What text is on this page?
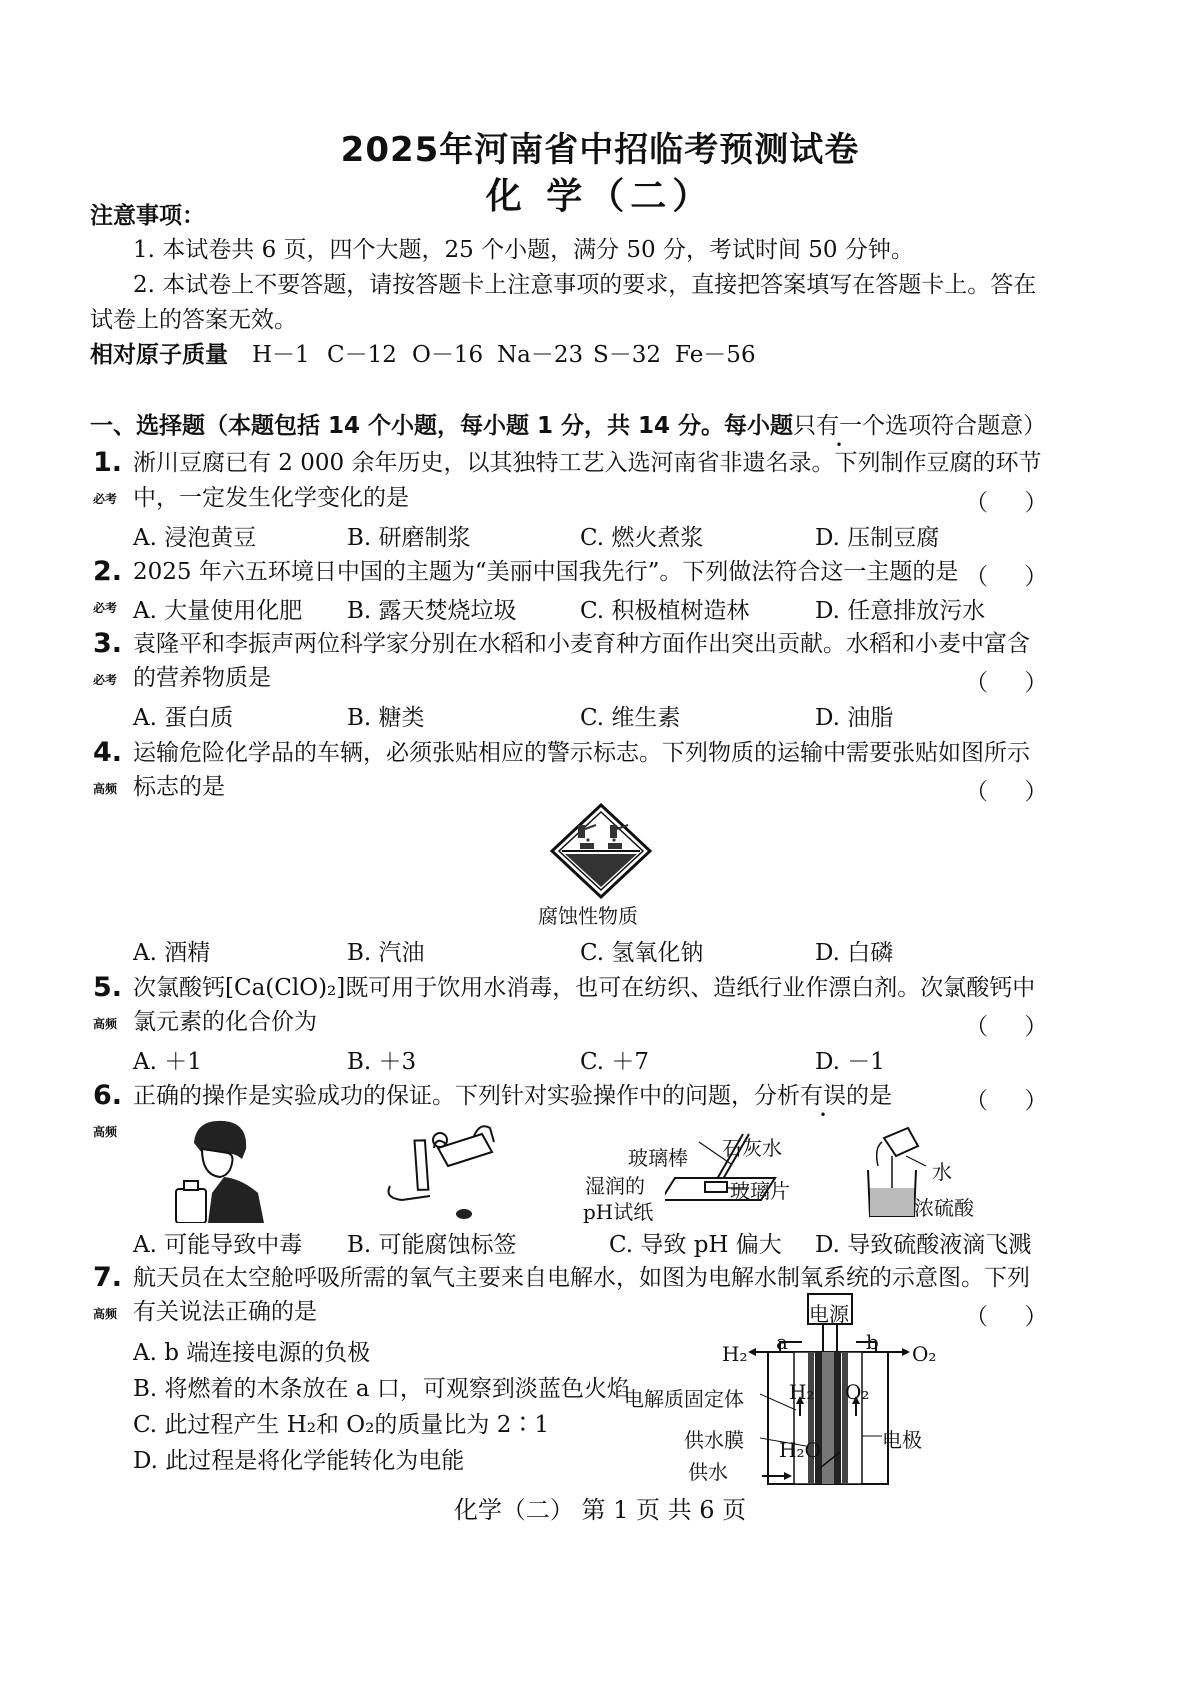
2025年河南省中招临考预测试卷
化 学（二）
注意事项：
1. 本试卷共 6 页，四个大题，25 个小题，满分 50 分，考试时间 50 分钟。
2. 本试卷上不要答题，请按答题卡上注意事项的要求，直接把答案填写在答题卡上。答在
试卷上的答案无效。
相对原子质量 H－1 C－12 O－16 Na－23 S－32 Fe－56
一、选择题（本题包括 14 个小题，每小题 1 分，共 14 分。每小题只有一个选项符合题意）
1. 淅川豆腐已有 2 000 余年历史，以其独特工艺入选河南省非遗名录。下列制作豆腐的环节
必考 中，一定发生化学变化的是	（     ）
A. 浸泡黄豆	B. 研磨制浆	C. 燃火煮浆	D. 压制豆腐
2. 2025 年六五环境日中国的主题为“美丽中国我先行”。下列做法符合这一主题的是 （     ）
必考 A. 大量使用化肥 B. 露天焚烧垃圾	C. 积极植树造林	D. 任意排放污水
3. 袁隆平和李振声两位科学家分别在水稻和小麦育种方面作出突出贡献。水稻和小麦中富含
必考 的营养物质是	（     ）
A. 蛋白质	B. 糖类	C. 维生素	D. 油脂
4. 运输危险化学品的车辆，必须张贴相应的警示标志。下列物质的运输中需要张贴如图所示
高频 标志的是	（     ）
腐蚀性物质
A. 酒精	B. 汽油	C. 氢氧化钠	D. 白磷
5. 次氯酸钙[Ca(ClO)₂]既可用于饮用水消毒，也可在纺织、造纸行业作漂白剂。次氯酸钙中
高频 氯元素的化合价为	（     ）
A. ＋1	B. ＋3	C. ＋7	D. －1
6. 正确的操作是实验成功的保证。下列针对实验操作中的问题，分析有误的是	（     ）
高频
玻璃棒 石灰水
湿润的
pH试纸
玻璃片
水
浓硫酸
A. 可能导致中毒 B. 可能腐蚀标签	C. 导致 pH 偏大 D. 导致硫酸液滴飞溅
7. 航天员在太空舱呼吸所需的氧气主要来自电解水，如图为电解水制氧系统的示意图。下列
高频 有关说法正确的是	（     ）
A. b 端连接电源的负极
B. 将燃着的木条放在 a 口，可观察到淡蓝色火焰
C. 此过程产生 H₂和 O₂的质量比为 2∶1
D. 此过程是将化学能转化为电能
电源
a	b
H₂	O₂
H₂ O₂
电解质固定体
供水膜 H₂O	电极
供水
化学（二） 第 1 页 共 6 页
